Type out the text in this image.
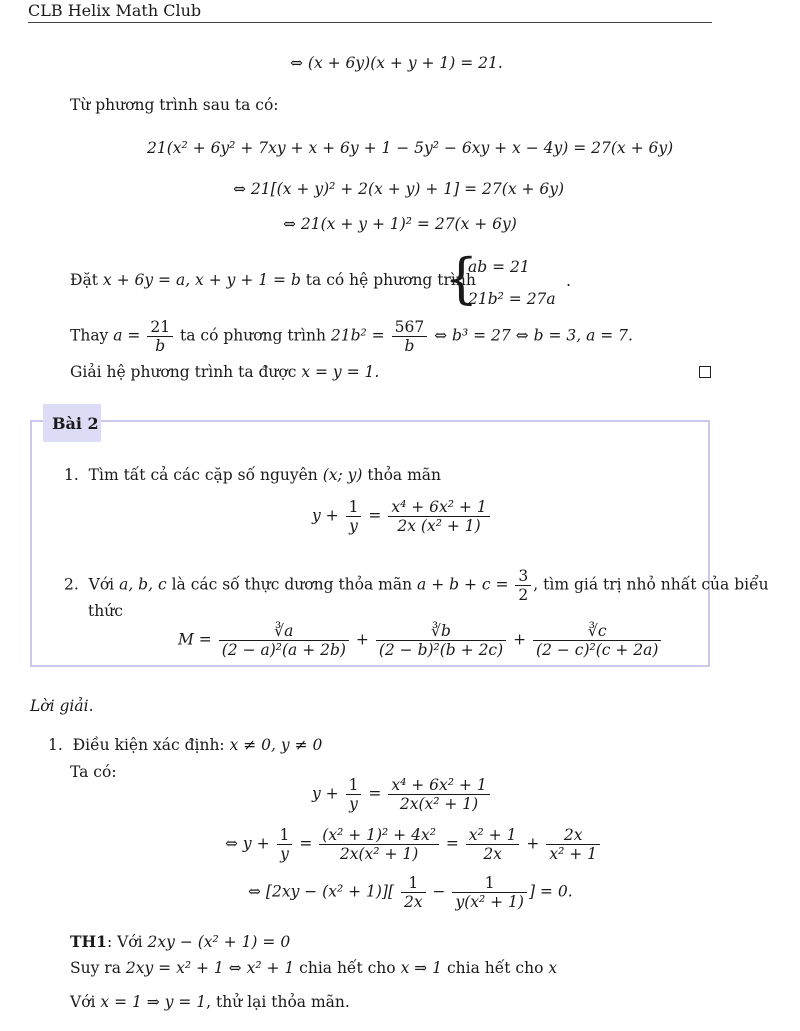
CLB Helix Math Club
⇔ (x + 6y)(x + y + 1) = 21.
Từ phương trình sau ta có:
21(x² + 6y² + 7xy + x + 6y + 1 − 5y² − 6xy + x − 4y) = 27(x + 6y)
⇔ 21[(x + y)² + 2(x + y) + 1] = 27(x + 6y)
⇔ 21(x + y + 1)² = 27(x + 6y)
Đặt x + 6y = a, x + y + 1 = b ta có hệ phương trình
{
ab = 21
21b² = 27a
.
Thay $a = \frac{21}{b}$ ta có phương trình $21b^2 = \frac{567}{b}$ ⇔ b³ = 27 ⇔ b = 3, a = 7.
Giải hệ phương trình ta được x = y = 1.
Bài 2
1. Tìm tất cả các cặp số nguyên (x; y) thỏa mãn
$y + \frac{1}{y} = \frac{\text{x⁴ + 6x² + 1}}{\text{2x (x² + 1)}}$
2. Với a, b, c là các số thực dương thỏa mãn $a + b + c = \frac{3}{2}$ , tìm giá trị nhỏ nhất của biểu
thức
$M = \frac{∛a}{\text{(2 − a)²(a + 2b)}} + \frac{∛b}{\text{(2 − b)²(b + 2c)}} + \frac{∛c}{\text{(2 − c)²(c + 2a)}}$
Lời giải.
1. Điều kiện xác định: x ≠ 0, y ≠ 0
Ta có:
$y + \frac{1}{y} = \frac{\text{x⁴ + 6x² + 1}}{\text{2x(x² + 1)}}$
⇔ $y + \frac{1}{y} = \frac{\text{(x² + 1)² + 4x²}}{\text{2x(x² + 1)}} = \frac{\text{x² + 1}}{2x} + \frac{2x}{\text{x² + 1}}$
⇔ $[2xy - (x^2 + 1)][ \frac{1}{2x} - \frac{1}{\text{y(x² + 1)}}$ ] = 0.
TH1: Với 2xy − (x² + 1) = 0
Suy ra 2xy = x² + 1 ⇔ x² + 1 chia hết cho x ⇒ 1 chia hết cho x
Với x = 1 ⇒ y = 1, thử lại thỏa mãn.
